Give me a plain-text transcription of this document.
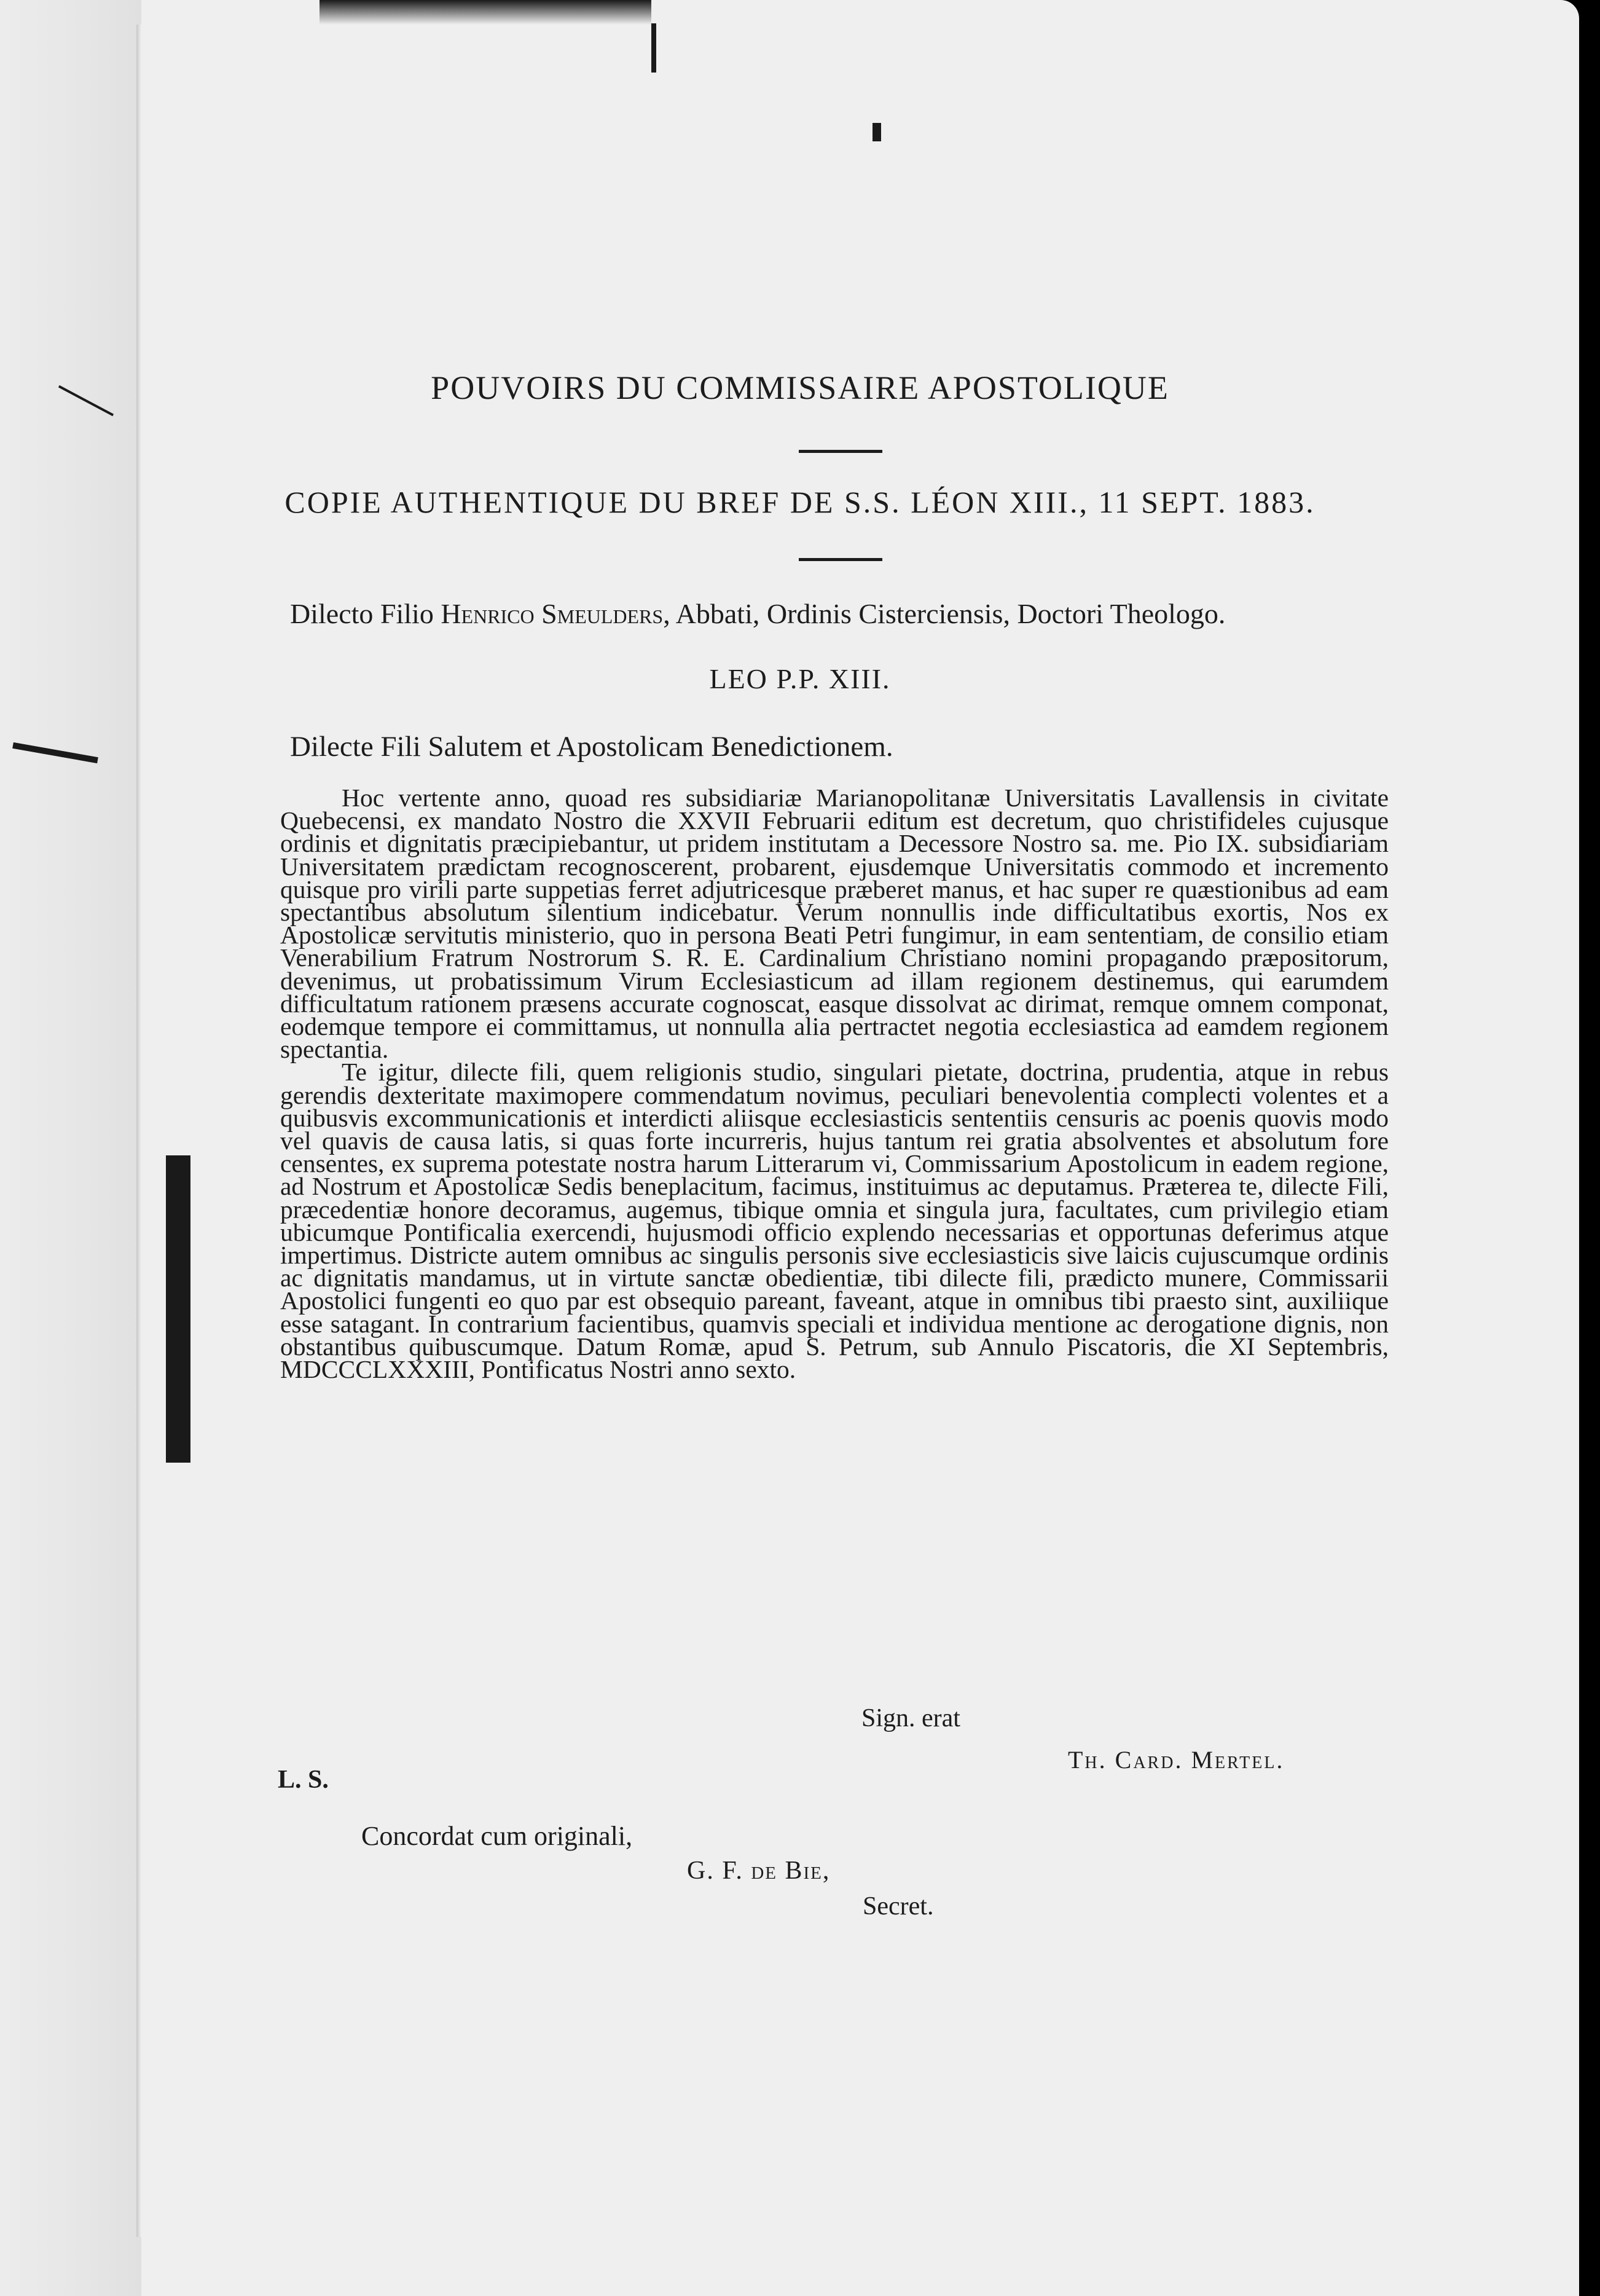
POUVOIRS DU COMMISSAIRE APOSTOLIQUE
COPIE AUTHENTIQUE DU BREF DE S.S. LÉON XIII., 11 SEPT. 1883.
Dilecto Filio Henrico Smeulders, Abbati, Ordinis Cisterciensis, Doctori Theologo.
LEO P.P. XIII.
Dilecte Fili Salutem et Apostolicam Benedictionem.

Hoc vertente anno, quoad res subsidiariæ Marianopolitanæ Universitatis Lavallensis in civitate Quebecensi, ex mandato Nostro die XXVII Februarii editum est decretum, quo christifideles cujusque ordinis et dignitatis præcipiebantur, ut pridem institutam a Decessore Nostro sa. me. Pio IX. subsidiariam Universitatem prædictam recognoscerent, probarent, ejusdemque Universitatis commodo et incremento quisque pro virili parte suppetias ferret adjutricesque præberet manus, et hac super re quæstionibus ad eam spectantibus absolutum silentium indicebatur. Verum nonnullis inde difficultatibus exortis, Nos ex Apostolicæ servitutis ministerio, quo in persona Beati Petri fungimur, in eam sententiam, de consilio etiam Venerabilium Fratrum Nostrorum S. R. E. Cardinalium Christiano nomini propagando præpositorum, devenimus, ut probatissimum Virum Ecclesiasticum ad illam regionem destinemus, qui earumdem difficultatum rationem præsens accurate cognoscat, easque dissolvat ac dirimat, remque omnem componat, eodemque tempore ei committamus, ut nonnulla alia pertractet negotia ecclesiastica ad eamdem regionem spectantia.

Te igitur, dilecte fili, quem religionis studio, singulari pietate, doctrina, prudentia, atque in rebus gerendis dexteritate maximopere commendatum novimus, peculiari benevolentia complecti volentes et a quibusvis excommunicationis et interdicti aliisque ecclesiasticis sententiis censuris ac poenis quovis modo vel quavis de causa latis, si quas forte incurreris, hujus tantum rei gratia absolventes et absolutum fore censentes, ex suprema potestate nostra harum Litterarum vi, Commissarium Apostolicum in eadem regione, ad Nostrum et Apostolicæ Sedis beneplacitum, facimus, instituimus ac deputamus. Præterea te, dilecte Fili, præcedentiæ honore decoramus, augemus, tibique omnia et singula jura, facultates, cum privilegio etiam ubicumque Pontificalia exercendi, hujusmodi officio explendo necessarias et opportunas deferimus atque impertimus. Districte autem omnibus ac singulis personis sive ecclesiasticis sive laicis cujuscumque ordinis ac dignitatis mandamus, ut in virtute sanctæ obedientiæ, tibi dilecte fili, prædicto munere, Commissarii Apostolici fungenti eo quo par est obsequio pareant, faveant, atque in omnibus tibi praesto sint, auxiliique esse satagant. In contrarium facientibus, quamvis speciali et individua mentione ac derogatione dignis, non obstantibus quibuscumque. Datum Romæ, apud S. Petrum, sub Annulo Piscatoris, die XI Septembris, MDCCCLXXXIII, Pontificatus Nostri anno sexto.

Sign. erat
Th. Card. Mertel.
L. S.
Concordat cum originali,
G. F. de Bie,
Secret.
